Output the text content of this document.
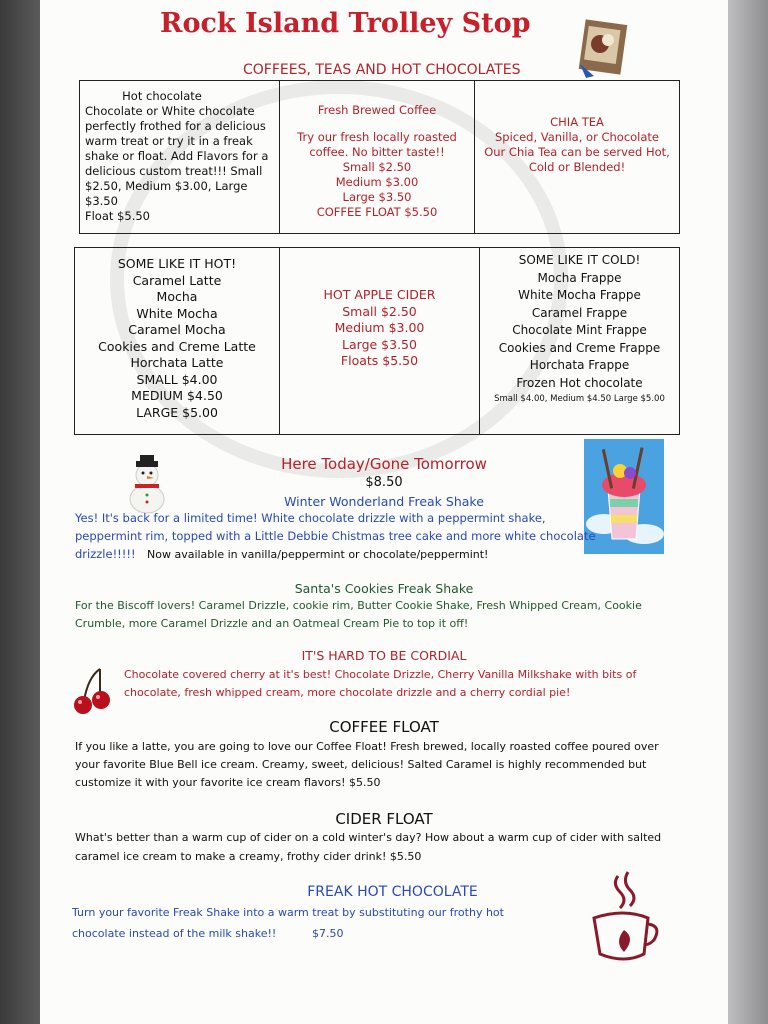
Rock Island Trolley Stop
COFFEES, TEAS AND HOT CHOCOLATES
Hot chocolate
Chocolate or White chocolate
perfectly frothed for a delicious
warm treat or try it in a freak
shake or float. Add Flavors for a
delicious custom treat!!! Small
$2.50, Medium $3.00, Large $3.50
Float $5.50
Fresh Brewed Coffee
Try our fresh locally roasted
coffee. No bitter taste!!
Small $2.50
Medium $3.00
Large $3.50
COFFEE FLOAT $5.50
CHIA TEA
Spiced, Vanilla, or Chocolate
Our Chia Tea can be served Hot,
Cold or Blended!
SOME LIKE IT HOT!
Caramel Latte
Mocha
White Mocha
Caramel Mocha
Cookies and Creme Latte
Horchata Latte
SMALL $4.00
MEDIUM $4.50
LARGE $5.00
HOT APPLE CIDER
Small $2.50
Medium $3.00
Large $3.50
Floats $5.50
SOME LIKE IT COLD!
Mocha Frappe
White Mocha Frappe
Caramel Frappe
Chocolate Mint Frappe
Cookies and Creme Frappe
Horchata Frappe
Frozen Hot chocolate
Small $4.00, Medium $4.50 Large $5.00
Here Today/Gone Tomorrow
$8.50
Winter Wonderland Freak Shake
Yes! It's back for a limited time! White chocolate drizzle with a peppermint shake,
peppermint rim, topped with a Little Debbie Chistmas tree cake and more white chocolate
drizzle!!!!! Now available in vanilla/peppermint or chocolate/peppermint!
Santa's Cookies Freak Shake
For the Biscoff lovers! Caramel Drizzle, cookie rim, Butter Cookie Shake, Fresh Whipped Cream, Cookie
Crumble, more Caramel Drizzle and an Oatmeal Cream Pie to top it off!
IT'S HARD TO BE CORDIAL
Chocolate covered cherry at it's best! Chocolate Drizzle, Cherry Vanilla Milkshake with bits of
chocolate, fresh whipped cream, more chocolate drizzle and a cherry cordial pie!
COFFEE FLOAT
If you like a latte, you are going to love our Coffee Float! Fresh brewed, locally roasted coffee poured over
your favorite Blue Bell ice cream. Creamy, sweet, delicious! Salted Caramel is highly recommended but
customize it with your favorite ice cream flavors! $5.50
CIDER FLOAT
What's better than a warm cup of cider on a cold winter's day? How about a warm cup of cider with salted
caramel ice cream to make a creamy, frothy cider drink! $5.50
FREAK HOT CHOCOLATE
Turn your favorite Freak Shake into a warm treat by substituting our frothy hot
chocolate instead of the milk shake!!	$7.50
